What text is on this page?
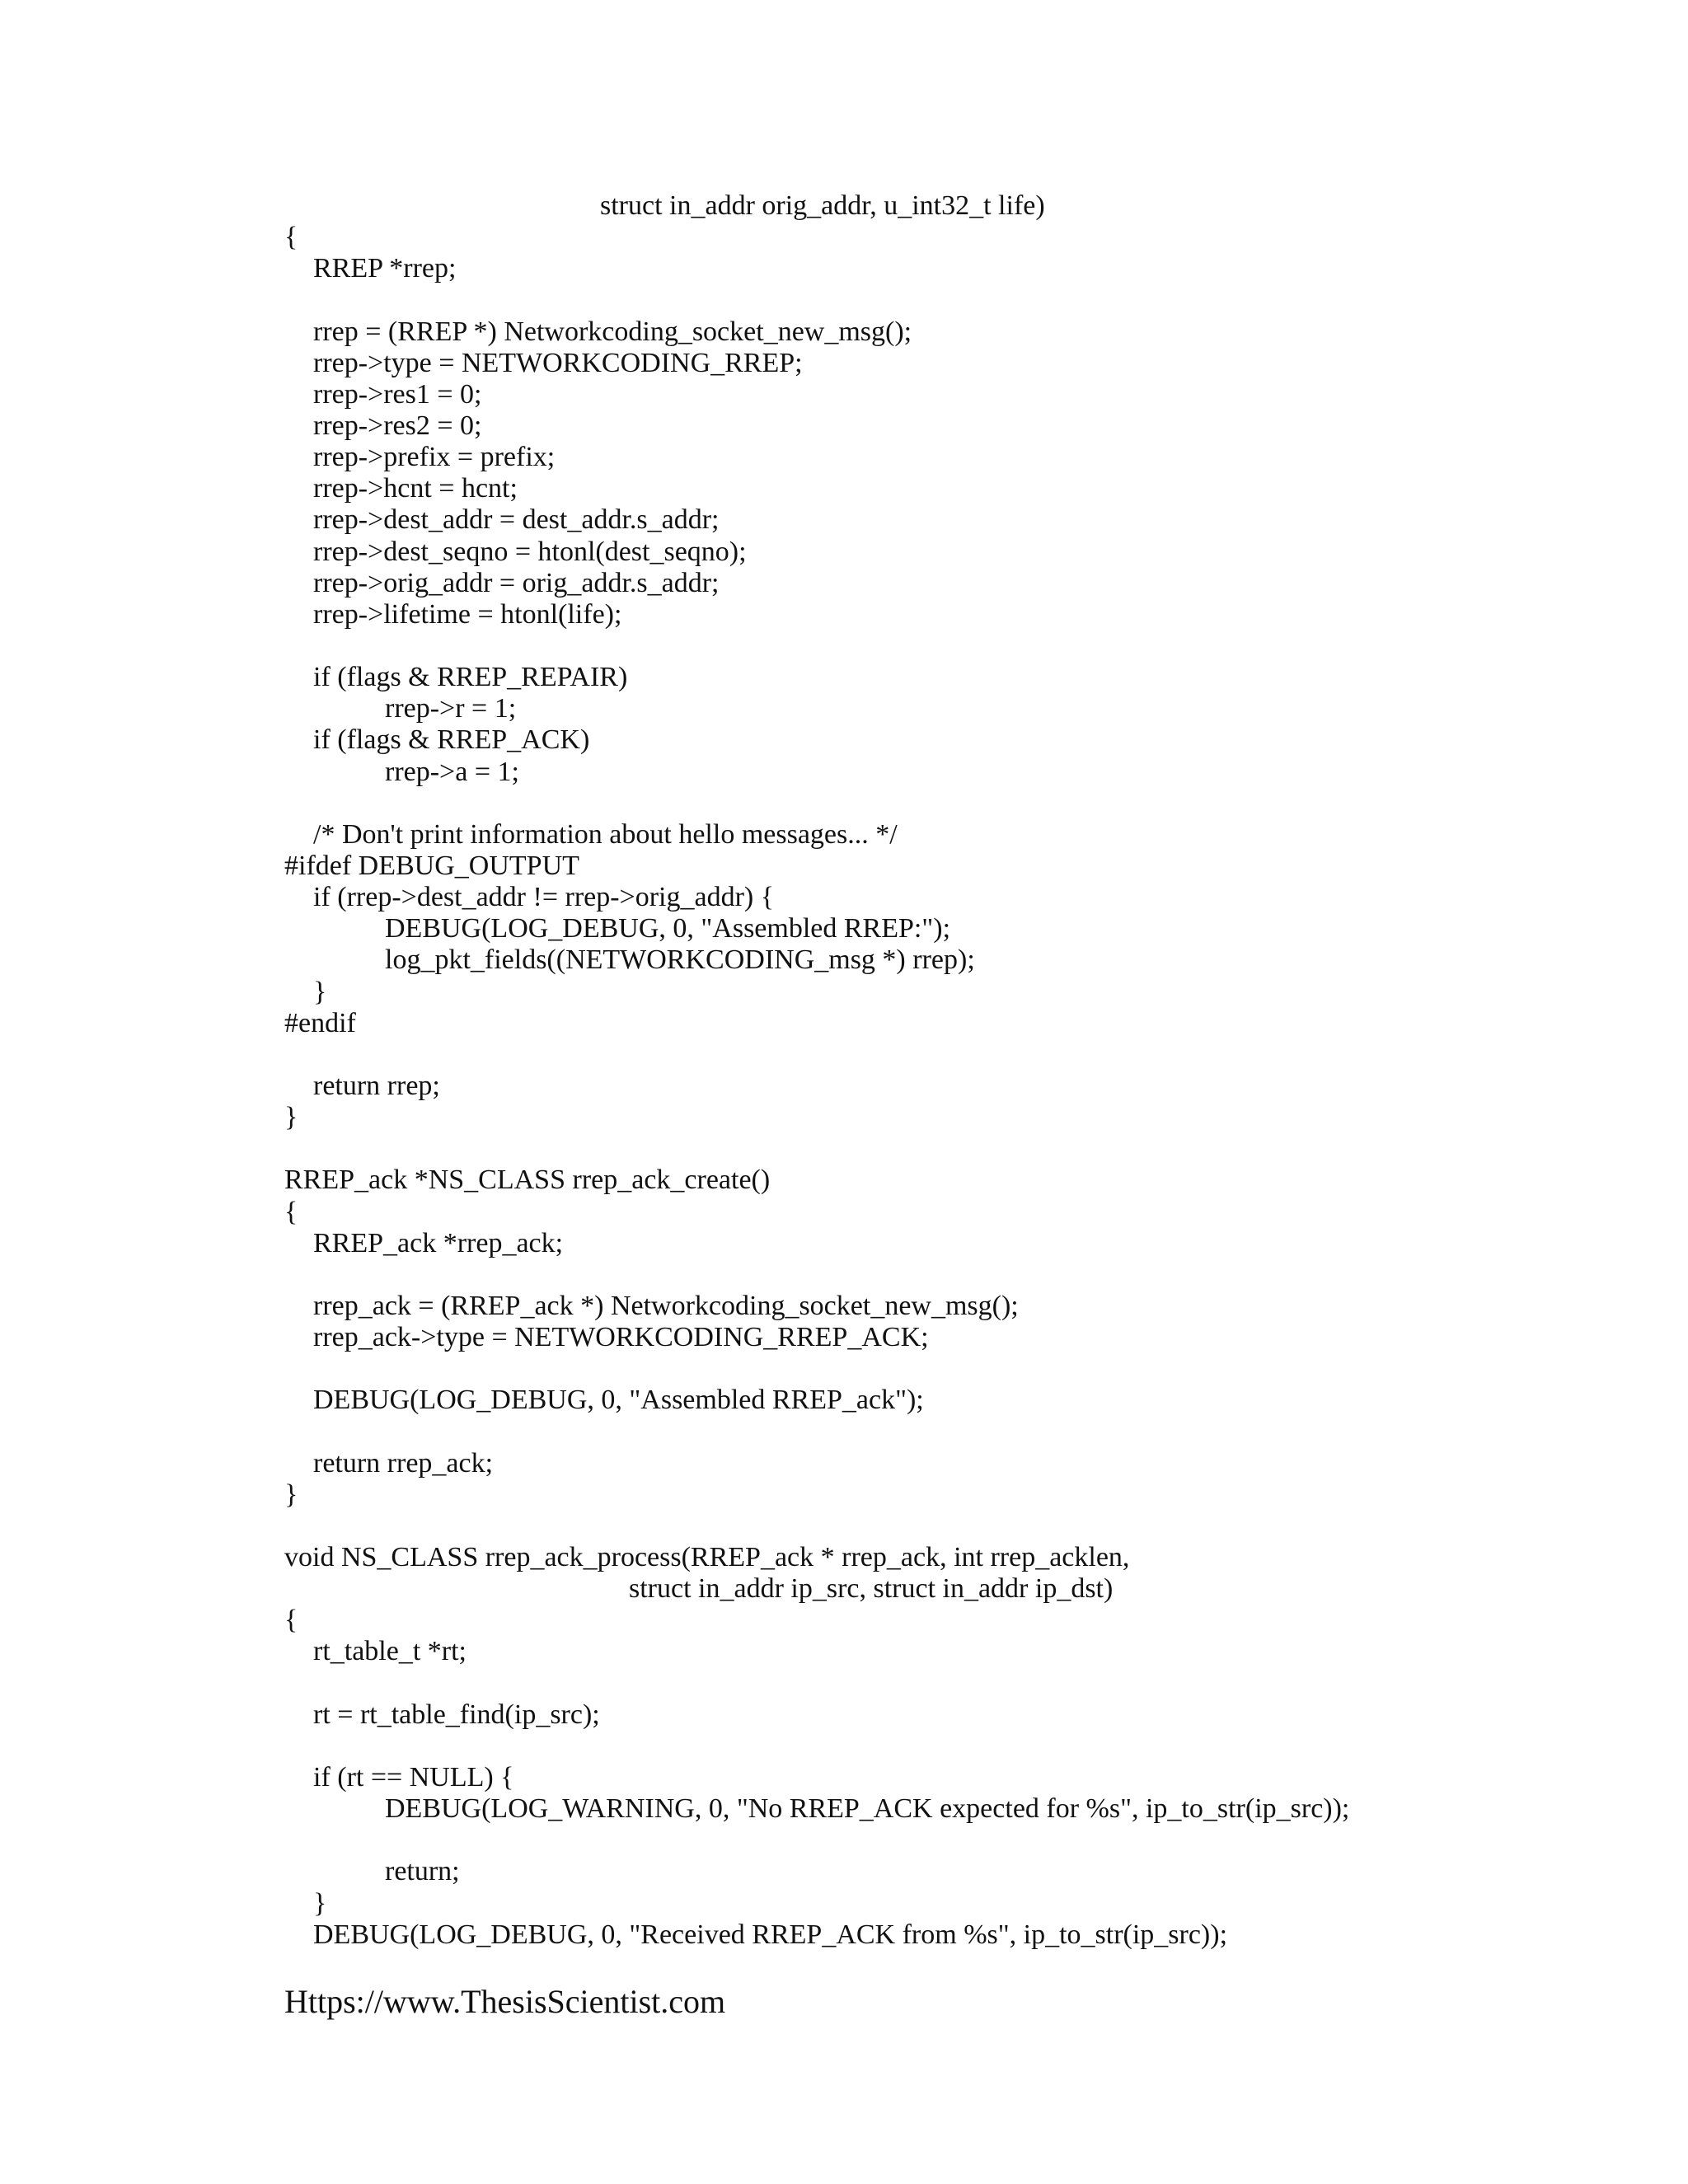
struct in_addr orig_addr, u_int32_t life)
{
RREP *rrep;
rrep = (RREP *) Networkcoding_socket_new_msg();
rrep->type = NETWORKCODING_RREP;
rrep->res1 = 0;
rrep->res2 = 0;
rrep->prefix = prefix;
rrep->hcnt = hcnt;
rrep->dest_addr = dest_addr.s_addr;
rrep->dest_seqno = htonl(dest_seqno);
rrep->orig_addr = orig_addr.s_addr;
rrep->lifetime = htonl(life);
if (flags & RREP_REPAIR)
rrep->r = 1;
if (flags & RREP_ACK)
rrep->a = 1;
/* Don't print information about hello messages... */
#ifdef DEBUG_OUTPUT
if (rrep->dest_addr != rrep->orig_addr) {
DEBUG(LOG_DEBUG, 0, "Assembled RREP:");
log_pkt_fields((NETWORKCODING_msg *) rrep);
}
#endif
return rrep;
}
RREP_ack *NS_CLASS rrep_ack_create()
{
RREP_ack *rrep_ack;
rrep_ack = (RREP_ack *) Networkcoding_socket_new_msg();
rrep_ack->type = NETWORKCODING_RREP_ACK;
DEBUG(LOG_DEBUG, 0, "Assembled RREP_ack");
return rrep_ack;
}
void NS_CLASS rrep_ack_process(RREP_ack * rrep_ack, int rrep_acklen,
struct in_addr ip_src, struct in_addr ip_dst)
{
rt_table_t *rt;
rt = rt_table_find(ip_src);
if (rt == NULL) {
DEBUG(LOG_WARNING, 0, "No RREP_ACK expected for %s", ip_to_str(ip_src));
return;
}
DEBUG(LOG_DEBUG, 0, "Received RREP_ACK from %s", ip_to_str(ip_src));
Https://www.ThesisScientist.com
